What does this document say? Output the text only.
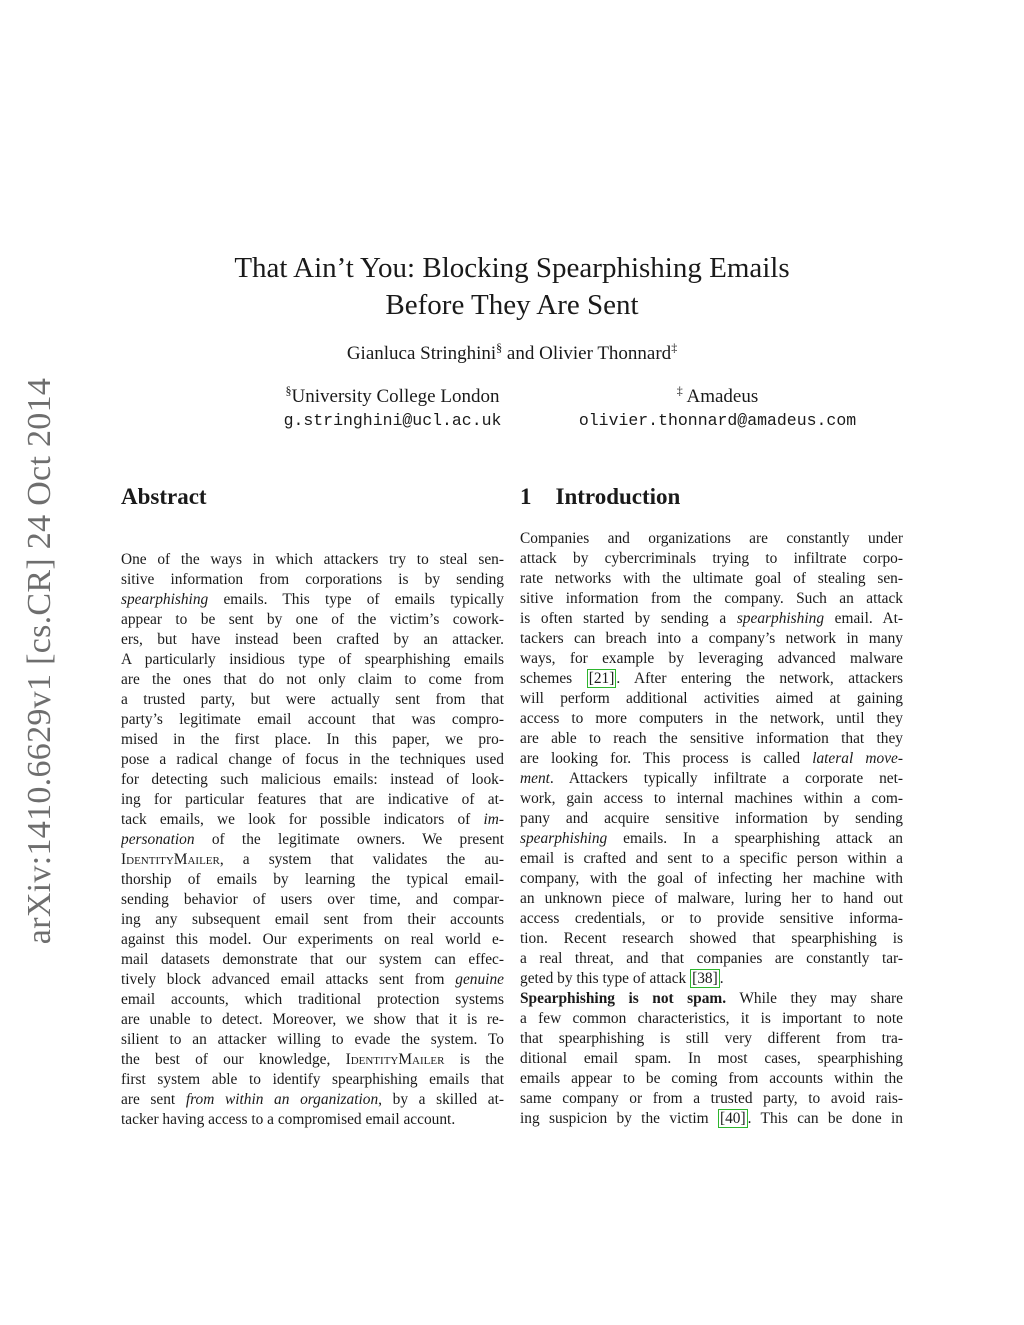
arXiv:1410.6629v1 [cs.CR] 24 Oct 2014
That Ain’t You: Blocking Spearphishing Emails
Before They Are Sent
Gianluca Stringhini§ and Olivier Thonnard‡
§University College London
g.stringhini@ucl.ac.uk
‡ Amadeus
olivier.thonnard@amadeus.com
Abstract	1 Introduction
One of the ways in which attackers try to steal sen-
sitive information from corporations is by sending
spearphishing emails. This type of emails typically
appear to be sent by one of the victim’s cowork-
ers, but have instead been crafted by an attacker.
A particularly insidious type of spearphishing emails
are the ones that do not only claim to come from
a trusted party, but were actually sent from that
party’s legitimate email account that was compro-
mised in the first place. In this paper, we pro-
pose a radical change of focus in the techniques used
for detecting such malicious emails: instead of look-
ing for particular features that are indicative of at-
tack emails, we look for possible indicators of im-
personation of the legitimate owners. We present
IdentityMailer, a system that validates the au-
thorship of emails by learning the typical email-
sending behavior of users over time, and compar-
ing any subsequent email sent from their accounts
against this model. Our experiments on real world e-
mail datasets demonstrate that our system can effec-
tively block advanced email attacks sent from genuine
email accounts, which traditional protection systems
are unable to detect. Moreover, we show that it is re-
silient to an attacker willing to evade the system. To
the best of our knowledge, IdentityMailer is the
first system able to identify spearphishing emails that
are sent from within an organization, by a skilled at-
tacker having access to a compromised email account.
Companies and organizations are constantly under
attack by cybercriminals trying to infiltrate corpo-
rate networks with the ultimate goal of stealing sen-
sitive information from the company. Such an attack
is often started by sending a spearphishing email. At-
tackers can breach into a company’s network in many
ways, for example by leveraging advanced malware
schemes [21] . After entering the network, attackers
will perform additional activities aimed at gaining
access to more computers in the network, until they
are able to reach the sensitive information that they
are looking for. This process is called lateral move-
ment. Attackers typically infiltrate a corporate net-
work, gain access to internal machines within a com-
pany and acquire sensitive information by sending
spearphishing emails. In a spearphishing attack an
email is crafted and sent to a specific person within a
company, with the goal of infecting her machine with
an unknown piece of malware, luring her to hand out
access credentials, or to provide sensitive informa-
tion. Recent research showed that spearphishing is
a real threat, and that companies are constantly tar-
geted by this type of attack [38] .
Spearphishing is not spam. While they may share
a few common characteristics, it is important to note
that spearphishing is still very different from tra-
ditional email spam. In most cases, spearphishing
emails appear to be coming from accounts within the
same company or from a trusted party, to avoid rais-
ing suspicion by the victim [40] . This can be done in
